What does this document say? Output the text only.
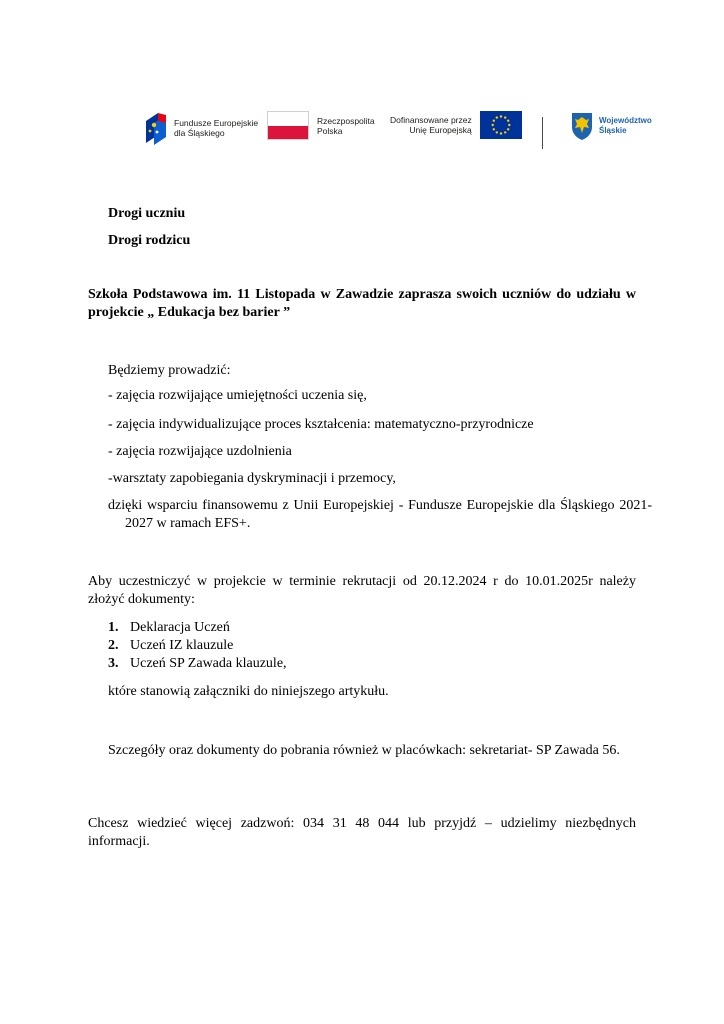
Fundusze Europejskie
dla Śląskiego
Rzeczpospolita
Polska
Dofinansowane przez
Unię Europejską
Województwo
Śląskie
Drogi uczniu
Drogi rodzicu
Szkoła Podstawowa im. 11 Listopada w Zawadzie zaprasza swoich uczniów do udziału w projekcie „ Edukacja bez barier ”
Będziemy prowadzić:
- zajęcia rozwijające umiejętności uczenia się,
- zajęcia indywidualizujące proces kształcenia: matematyczno-przyrodnicze
- zajęcia rozwijające uzdolnienia
-warsztaty zapobiegania dyskryminacji i przemocy,
dzięki wsparciu finansowemu z Unii Europejskiej - Fundusze Europejskie dla Śląskiego 2021-2027 w ramach EFS+.
Aby uczestniczyć w projekcie w terminie rekrutacji od 20.12.2024 r do 10.01.2025r należy złożyć dokumenty:
1. Deklaracja Uczeń
2. Uczeń IZ klauzule
3. Uczeń SP Zawada klauzule,
które stanowią załączniki do niniejszego artykułu.
Szczegóły oraz dokumenty do pobrania również w placówkach: sekretariat- SP Zawada 56.
Chcesz wiedzieć więcej zadzwoń: 034 31 48 044 lub przyjdź – udzielimy niezbędnych informacji.
